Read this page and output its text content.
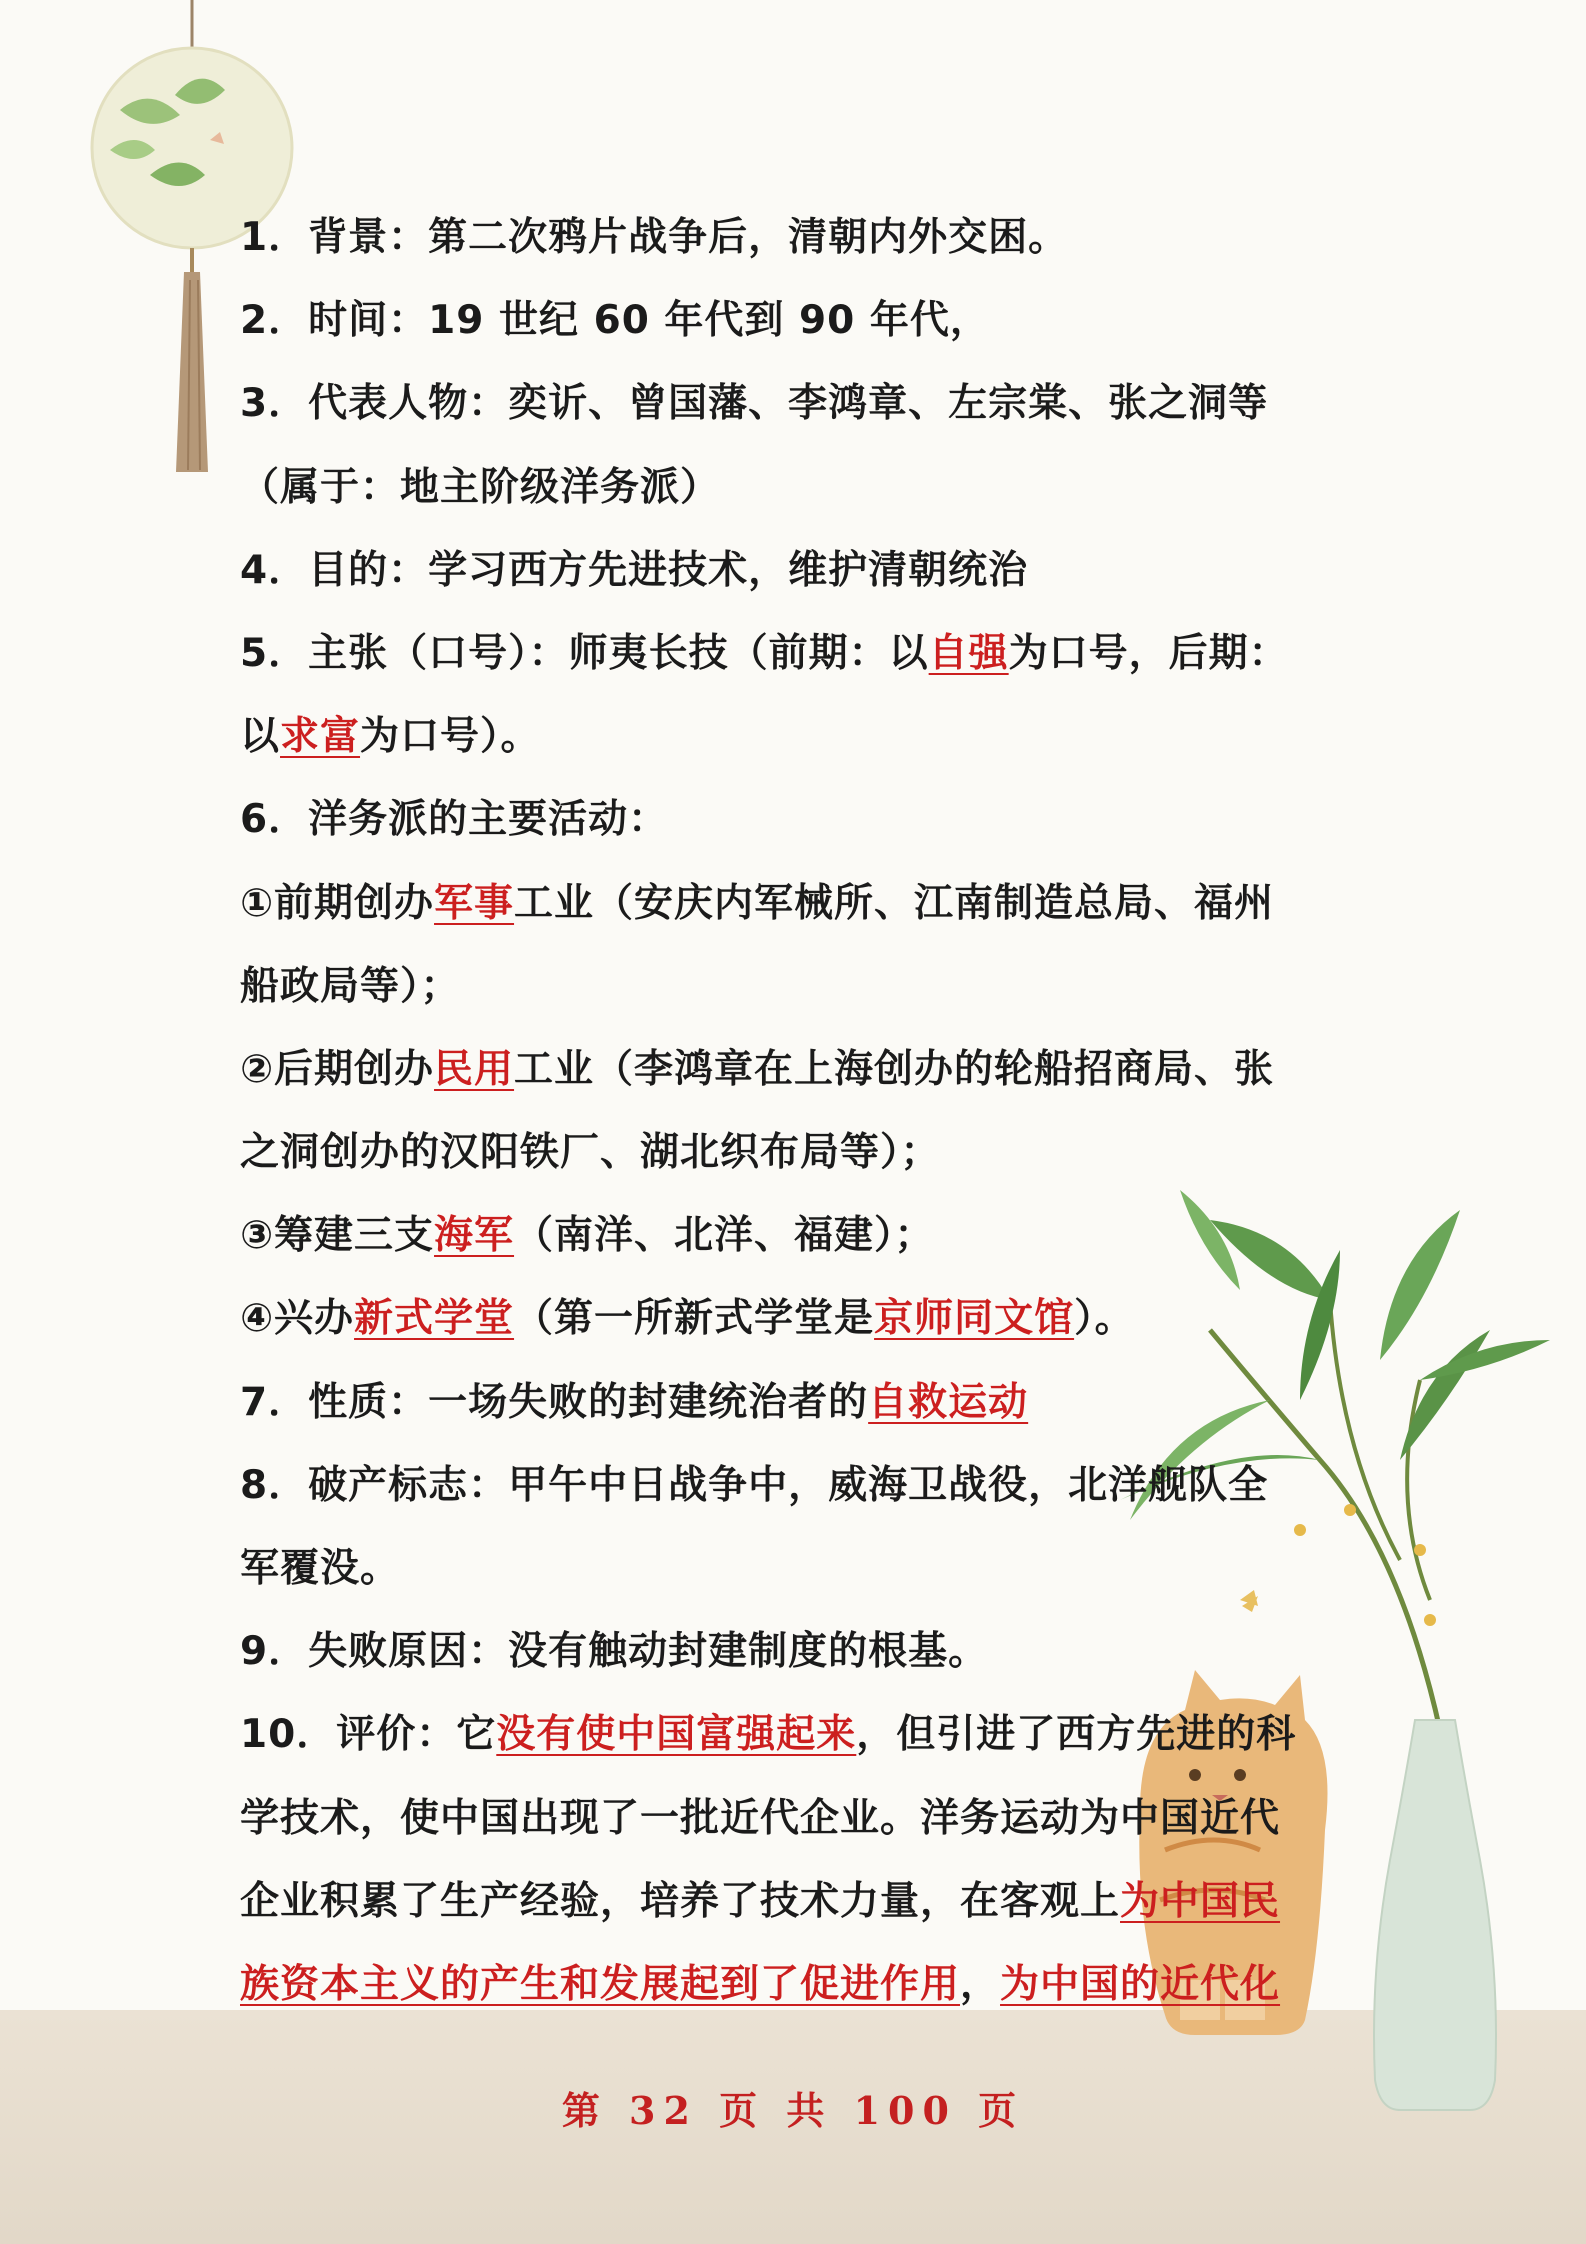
1．背景：第二次鸦片战争后，清朝内外交困。
2．时间：19 世纪 60 年代到 90 年代，
3．代表人物：奕䜣、曾国藩、李鸿章、左宗棠、张之洞等
（属于：地主阶级洋务派）
4．目的：学习西方先进技术，维护清朝统治
5．主张（口号）：师夷长技（前期：以自强为口号，后期：
以求富为口号）。
6．洋务派的主要活动：
①前期创办军事工业（安庆内军械所、江南制造总局、福州
船政局等）；
②后期创办民用工业（李鸿章在上海创办的轮船招商局、张
之洞创办的汉阳铁厂、湖北织布局等）；
③筹建三支海军（南洋、北洋、福建）；
④兴办新式学堂（第一所新式学堂是京师同文馆）。
7．性质：一场失败的封建统治者的自救运动
8．破产标志：甲午中日战争中，威海卫战役，北洋舰队全
军覆没。
9．失败原因：没有触动封建制度的根基。
10．评价：它没有使中国富强起来，但引进了西方先进的科
学技术，使中国出现了一批近代企业。洋务运动为中国近代
企业积累了生产经验，培养了技术力量，在客观上为中国民
族资本主义的产生和发展起到了促进作用，为中国的近代化
第 32 页 共 100 页
